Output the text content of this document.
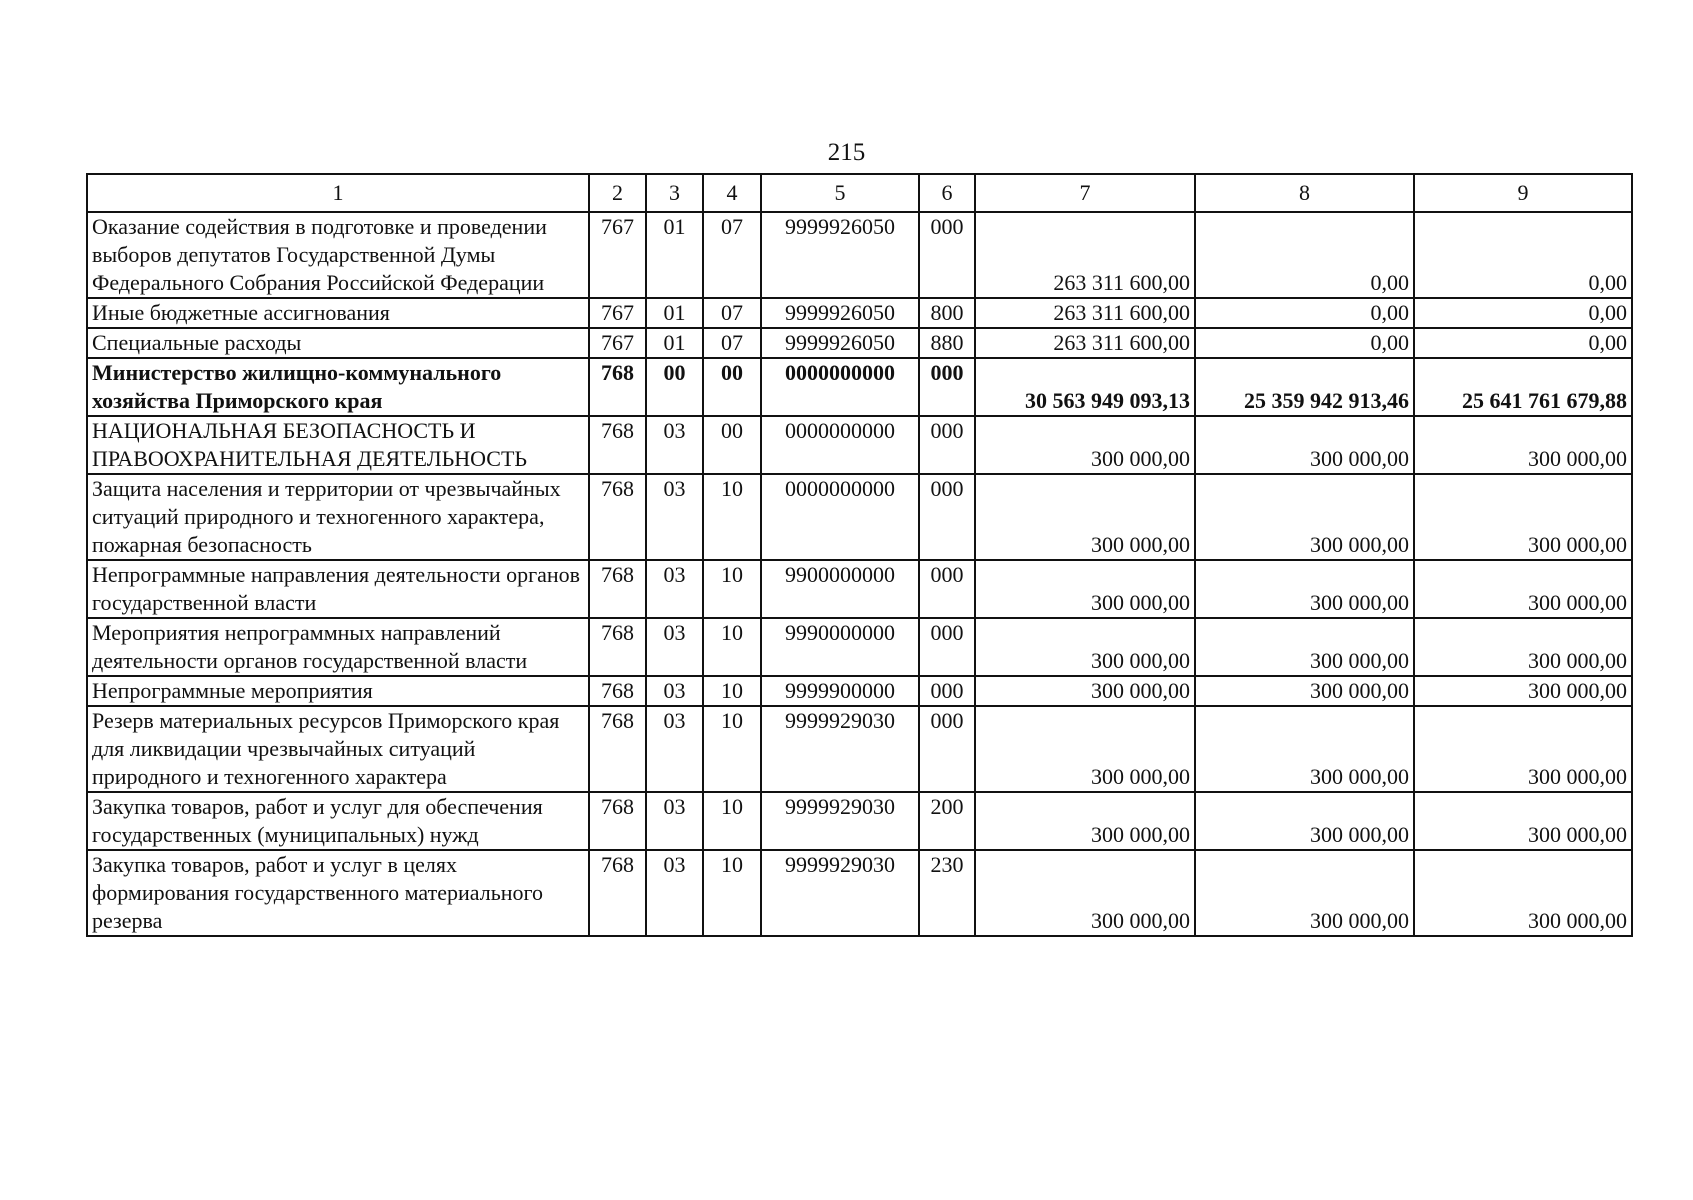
215
1	2	3	4	5	6	7	8	9
Оказание содействия в подготовке и проведении выборов депутатов Государственной Думы Федерального Собрания Российской Федерации	767	01	07	9999926050	000	263 311 600,00	0,00	0,00
Иные бюджетные ассигнования	767	01	07	9999926050	800	263 311 600,00	0,00	0,00
Специальные расходы	767	01	07	9999926050	880	263 311 600,00	0,00	0,00
Министерство жилищно-коммунального хозяйства Приморского края	768	00	00	0000000000	000	30 563 949 093,13	25 359 942 913,46	25 641 761 679,88
НАЦИОНАЛЬНАЯ БЕЗОПАСНОСТЬ И ПРАВООХРАНИТЕЛЬНАЯ ДЕЯТЕЛЬНОСТЬ	768	03	00	0000000000	000	300 000,00	300 000,00	300 000,00
Защита населения и территории от чрезвычайных ситуаций природного и техногенного характера, пожарная безопасность	768	03	10	0000000000	000	300 000,00	300 000,00	300 000,00
Непрограммные направления деятельности органов государственной власти	768	03	10	9900000000	000	300 000,00	300 000,00	300 000,00
Мероприятия непрограммных направлений деятельности органов государственной власти	768	03	10	9990000000	000	300 000,00	300 000,00	300 000,00
Непрограммные мероприятия	768	03	10	9999900000	000	300 000,00	300 000,00	300 000,00
Резерв материальных ресурсов Приморского края для ликвидации чрезвычайных ситуаций природного и техногенного характера	768	03	10	9999929030	000	300 000,00	300 000,00	300 000,00
Закупка товаров, работ и услуг для обеспечения государственных (муниципальных) нужд	768	03	10	9999929030	200	300 000,00	300 000,00	300 000,00
Закупка товаров, работ и услуг в целях формирования государственного материального резерва	768	03	10	9999929030	230	300 000,00	300 000,00	300 000,00
